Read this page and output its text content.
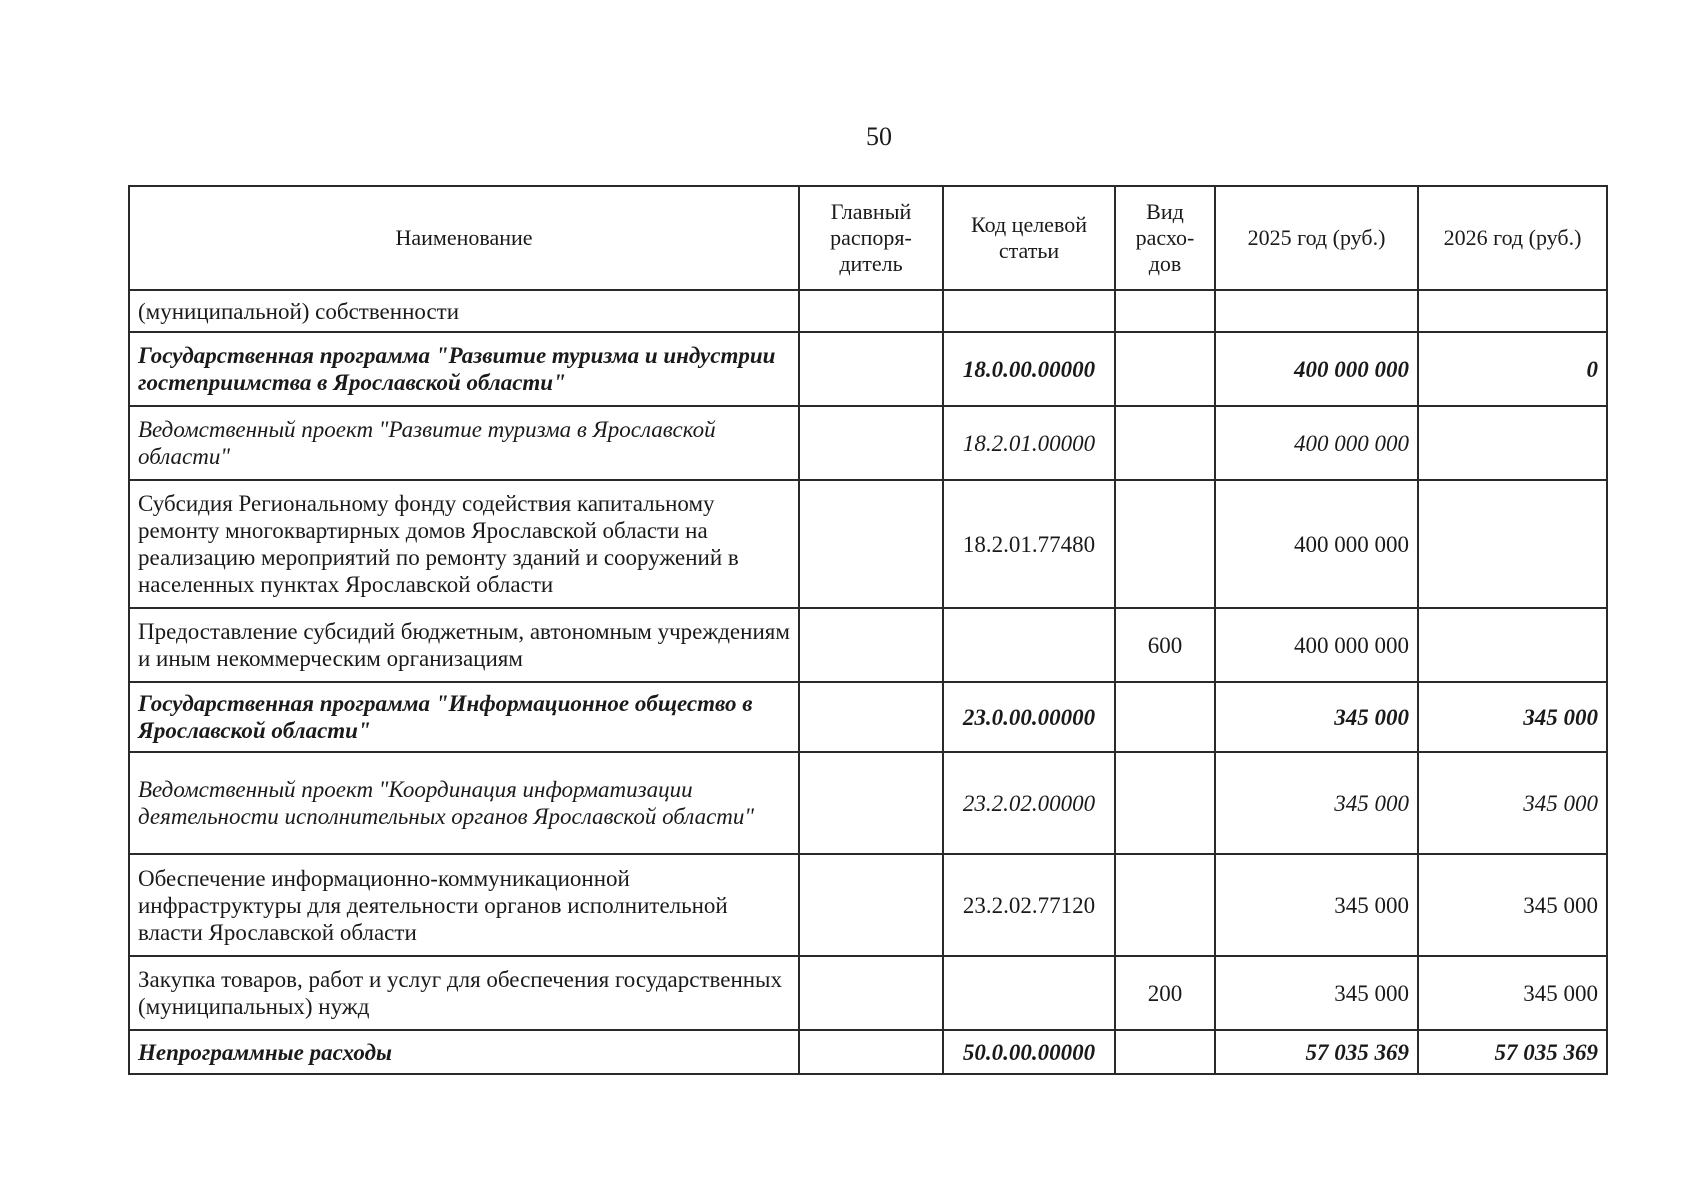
50
Наименование	Главный распоря-дитель	Код целевой статьи	Вид расхо-дов	2025 год (руб.)	2026 год (руб.)
(муниципальной) собственности					
Государственная программа "Развитие туризма и индустрии гостеприимства в Ярославской области"		18.0.00.00000		400 000 000	0
Ведомственный проект "Развитие туризма в Ярославской области"		18.2.01.00000		400 000 000	
Субсидия Региональному фонду содействия капитальному ремонту многоквартирных домов Ярославской области на реализацию мероприятий по ремонту зданий и сооружений в населенных пунктах Ярославской области		18.2.01.77480		400 000 000	
Предоставление субсидий бюджетным, автономным учреждениям и иным некоммерческим организациям			600	400 000 000	
Государственная программа "Информационное общество в Ярославской области"		23.0.00.00000		345 000	345 000
Ведомственный проект "Координация информатизации деятельности исполнительных органов Ярославской области"		23.2.02.00000		345 000	345 000
Обеспечение информационно-коммуникационной инфраструктуры для деятельности органов исполнительной власти Ярославской области		23.2.02.77120		345 000	345 000
Закупка товаров, работ и услуг для обеспечения государственных (муниципальных) нужд			200	345 000	345 000
Непрограммные расходы		50.0.00.00000		57 035 369	57 035 369
